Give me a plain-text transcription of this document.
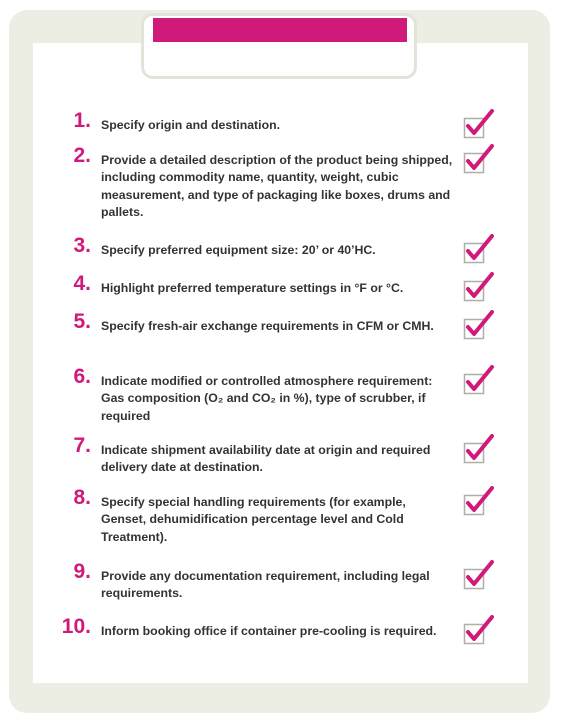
1. Specify origin and destination.
2. Provide a detailed description of the product being shipped, including commodity name, quantity, weight, cubic measurement, and type of packaging like boxes, drums and pallets.
3. Specify preferred equipment size: 20’ or 40’HC.
4. Highlight preferred temperature settings in °F or °C.
5. Specify fresh-air exchange requirements in CFM or CMH.
6. Indicate modified or controlled atmosphere requirement: Gas composition (O₂ and CO₂ in %), type of scrubber, if required
7. Indicate shipment availability date at origin and required delivery date at destination.
8. Specify special handling requirements (for example, Genset, dehumidification percentage level and Cold Treatment).
9. Provide any documentation requirement, including legal requirements.
10. Inform booking office if container pre-cooling is required.
